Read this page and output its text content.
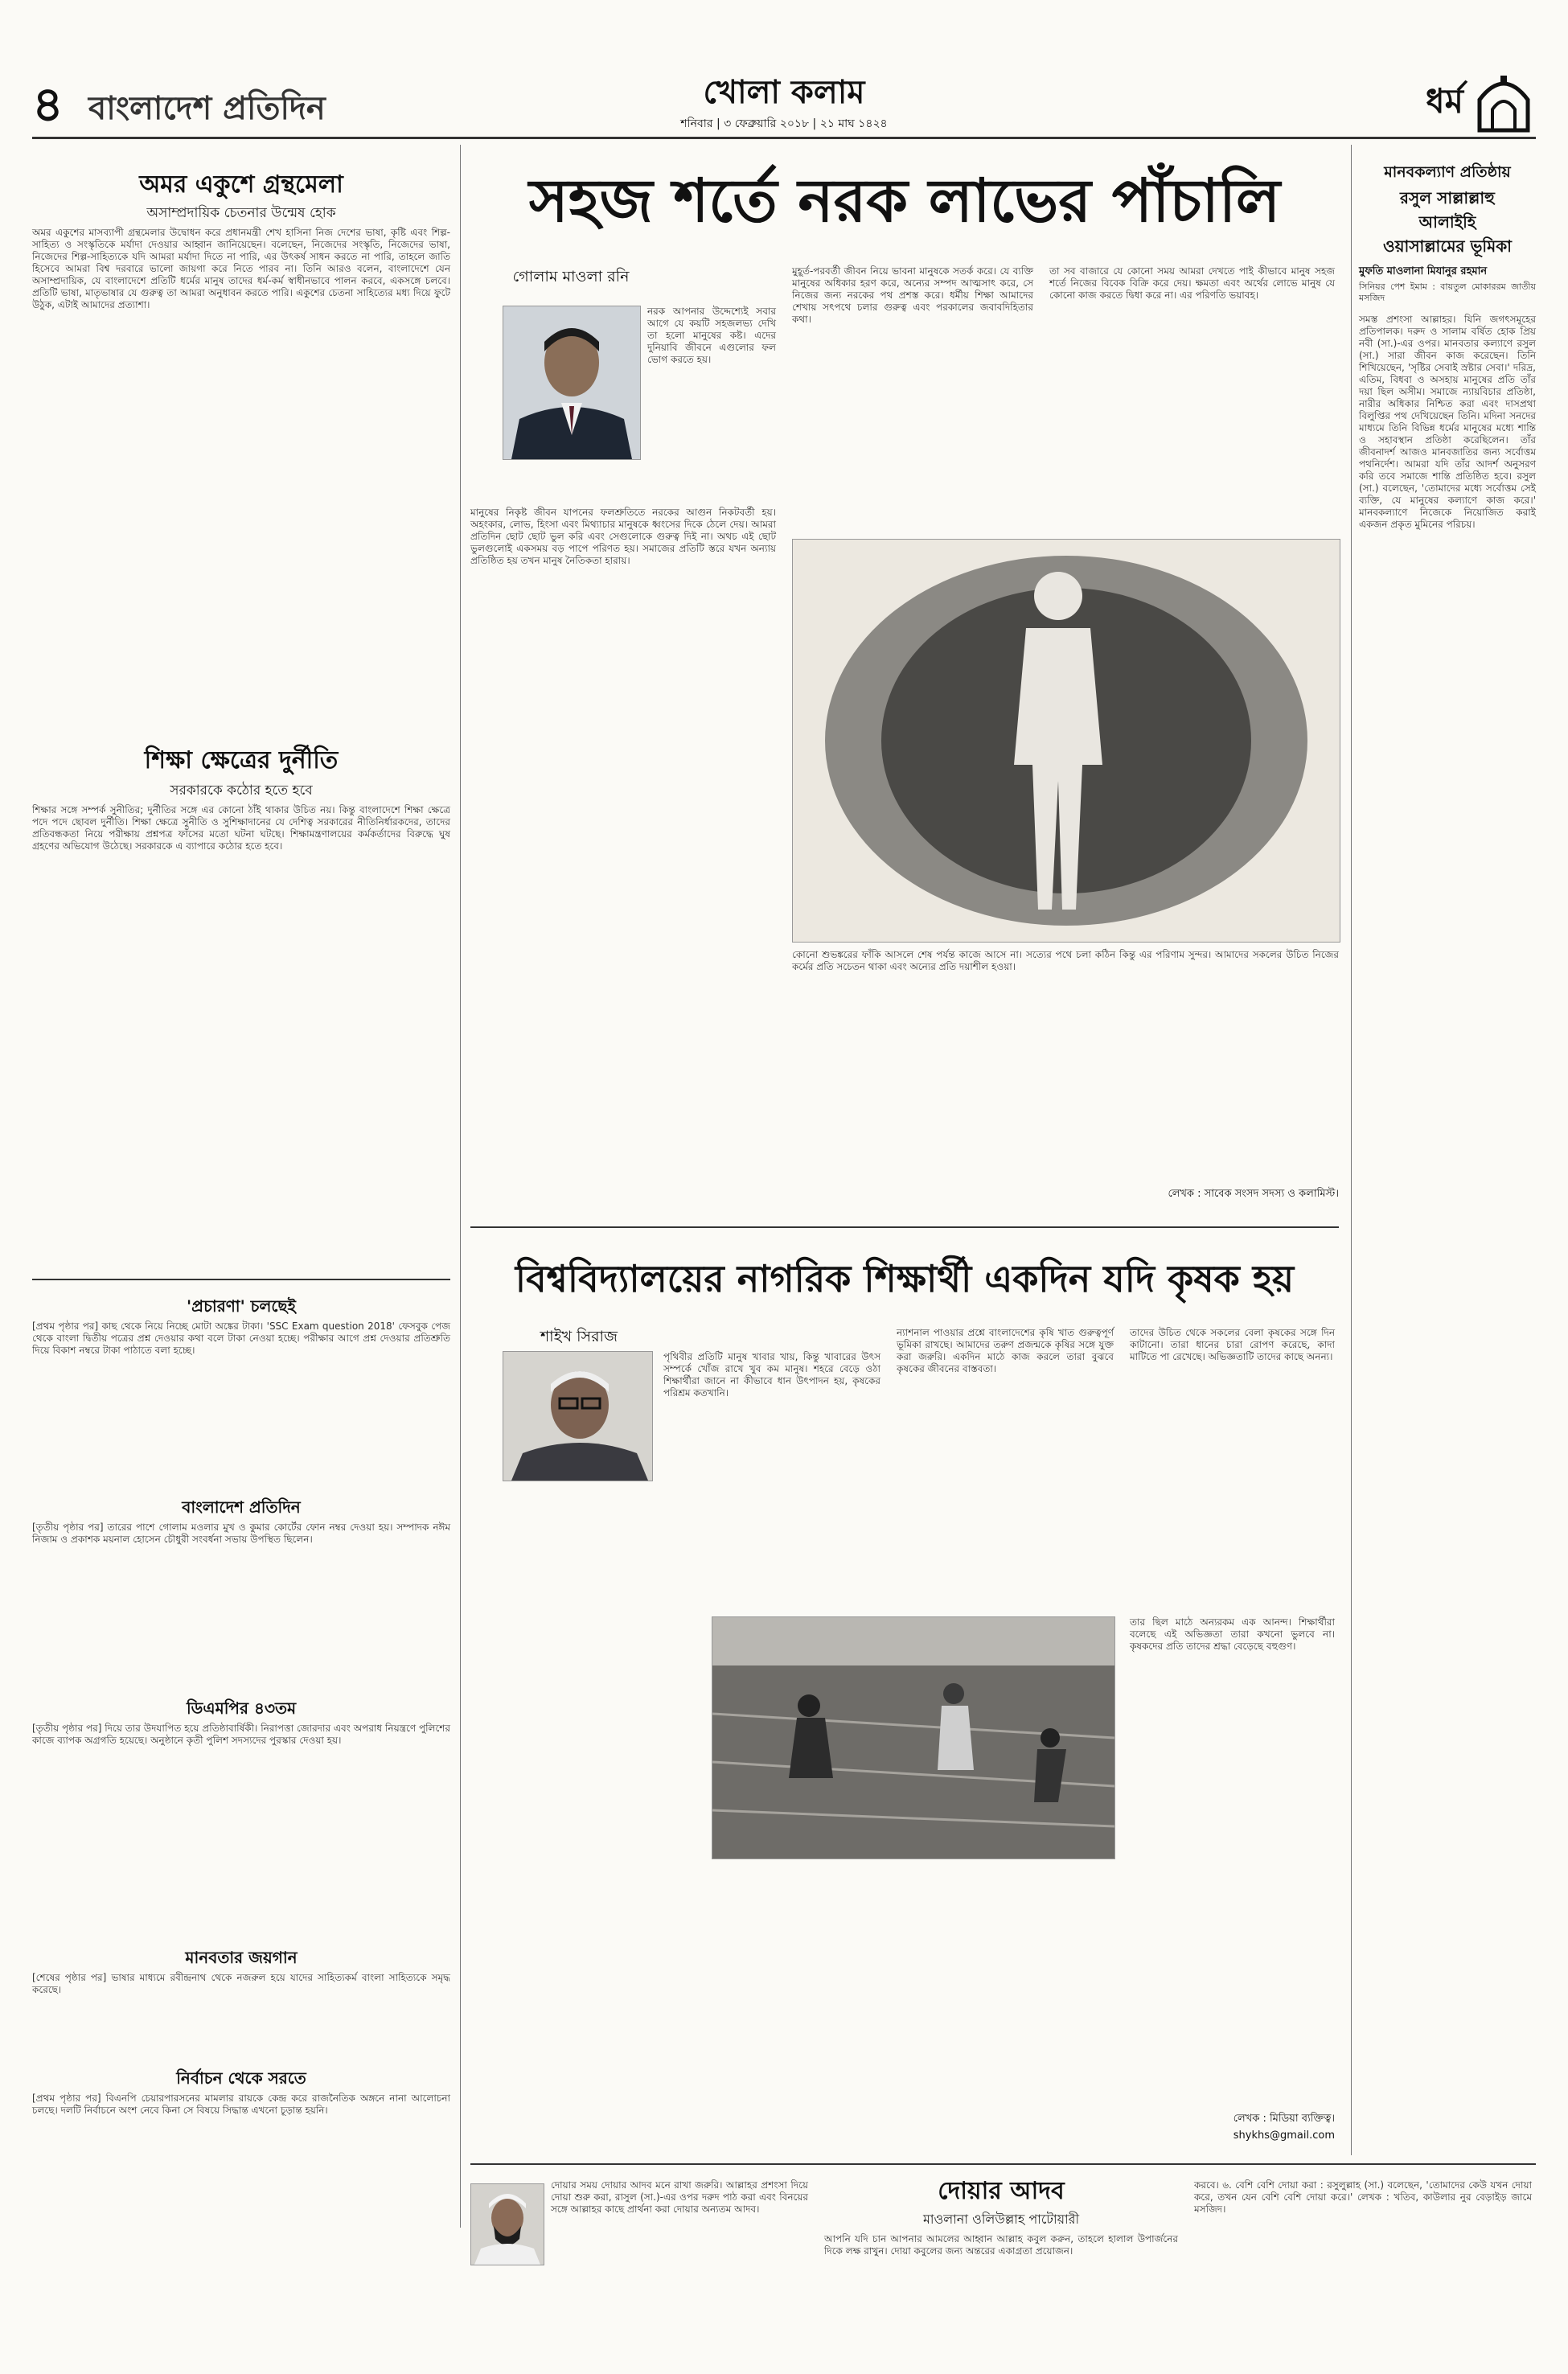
৪ বাংলাদেশ প্রতিদিন	খোলা কলাম
শনিবার | ৩ ফেব্রুয়ারি ২০১৮ | ২১ মাঘ ১৪২৪
ধর্ম
অমর একুশে গ্রন্থমেলা
অসাম্প্রদায়িক চেতনার উন্মেষ হোক
অমর একুশের মাসব্যাপী গ্রন্থমেলার উদ্বোধন করে প্রধানমন্ত্রী শেখ হাসিনা নিজ দেশের ভাষা, কৃষ্টি এবং শিল্প-সাহিত্য ও সংস্কৃতিকে মর্যাদা দেওয়ার আহ্বান জানিয়েছেন। বলেছেন, নিজেদের সংস্কৃতি, নিজেদের ভাষা, নিজেদের শিল্প-সাহিত্যকে যদি আমরা মর্যাদা দিতে না পারি, এর উৎকর্ষ সাধন করতে না পারি, তাহলে জাতি হিসেবে আমরা বিশ্ব দরবারে ভালো জায়গা করে নিতে পারব না। তিনি আরও বলেন, বাংলাদেশে যেন অসাম্প্রদায়িক, যে বাংলাদেশে প্রতিটি ধর্মের মানুষ তাদের ধর্ম-কর্ম স্বাধীনভাবে পালন করবে, একসঙ্গে চলবে। প্রতিটি ভাষা, মাতৃভাষার যে গুরুত্ব তা আমরা অনুধাবন করতে পারি। একুশের চেতনা সাহিত্যের মধ্য দিয়ে ফুটে উঠুক, এটাই আমাদের প্রত্যাশা।
শিক্ষা ক্ষেত্রের দুর্নীতি
সরকারকে কঠোর হতে হবে
শিক্ষার সঙ্গে সম্পর্ক সুনীতির; দুর্নীতির সঙ্গে এর কোনো ঠাঁই থাকার উচিত নয়। কিন্তু বাংলাদেশে শিক্ষা ক্ষেত্রে পদে পদে ছোবল দুর্নীতি। শিক্ষা ক্ষেত্রে সুনীতি ও সুশিক্ষাদানের যে দেশিত্ব সরকারের নীতিনির্ধারকদের, তাদের প্রতিবন্ধকতা নিয়ে পরীক্ষায় প্রশ্নপত্র ফাঁসের মতো ঘটনা ঘটছে। শিক্ষামন্ত্রণালয়ের কর্মকর্তাদের বিরুদ্ধে ঘুষ গ্রহণের অভিযোগ উঠেছে। সরকারকে এ ব্যাপারে কঠোর হতে হবে।
'প্রচারণা' চলছেই
[প্রথম পৃষ্ঠার পর] কাছ থেকে নিয়ে নিচ্ছে মোটা অঙ্কের টাকা। 'SSC Exam question 2018' ফেসবুক পেজ থেকে বাংলা দ্বিতীয় পত্রের প্রশ্ন দেওয়ার কথা বলে টাকা নেওয়া হচ্ছে। পরীক্ষার আগে প্রশ্ন দেওয়ার প্রতিশ্রুতি দিয়ে বিকাশ নম্বরে টাকা পাঠাতে বলা হচ্ছে।
বাংলাদেশ প্রতিদিন
[তৃতীয় পৃষ্ঠার পর] তারের পাশে গোলাম মওলার মুখ ও কুমার কোর্টের ফোন নম্বর দেওয়া হয়। সম্পাদক নঈম নিজাম ও প্রকাশক ময়নাল হোসেন চৌধুরী সংবর্ধনা সভায় উপস্থিত ছিলেন।
ডিএমপির ৪৩তম
[তৃতীয় পৃষ্ঠার পর] দিয়ে তার উদযাপিত হয়ে প্রতিষ্ঠাবার্ষিকী। নিরাপত্তা জোরদার এবং অপরাধ নিয়ন্ত্রণে পুলিশের কাজে ব্যাপক অগ্রগতি হয়েছে। অনুষ্ঠানে কৃতী পুলিশ সদস্যদের পুরস্কার দেওয়া হয়।
মানবতার জয়গান
[শেষের পৃষ্ঠার পর] ভাষার মাধ্যমে রবীন্দ্রনাথ থেকে নজরুল হয়ে যাদের সাহিত্যকর্ম বাংলা সাহিত্যকে সমৃদ্ধ করেছে।
নির্বাচন থেকে সরতে
[প্রথম পৃষ্ঠার পর] বিএনপি চেয়ারপারসনের মামলার রায়কে কেন্দ্র করে রাজনৈতিক অঙ্গনে নানা আলোচনা চলছে। দলটি নির্বাচনে অংশ নেবে কিনা সে বিষয়ে সিদ্ধান্ত এখনো চূড়ান্ত হয়নি।
সহজ শর্তে নরক লাভের পাঁচালি
গোলাম মাওলা রনি
নরক আপনার উদ্দেশ্যেই সবার আগে যে কয়টি সহজলভ্য দেখি তা হলো মানুষের কষ্ট। এদের দুনিয়াবি জীবনে এগুলোর ফল ভোগ করতে হয়।
মানুষের নিকৃষ্ট জীবন যাপনের ফলশ্রুতিতে নরকের আগুন নিকটবর্তী হয়। অহংকার, লোভ, হিংসা এবং মিথ্যাচার মানুষকে ধ্বংসের দিকে ঠেলে দেয়। আমরা প্রতিদিন ছোট ছোট ভুল করি এবং সেগুলোকে গুরুত্ব দিই না। অথচ এই ছোট ভুলগুলোই একসময় বড় পাপে পরিণত হয়। সমাজের প্রতিটি স্তরে যখন অন্যায় প্রতিষ্ঠিত হয় তখন মানুষ নৈতিকতা হারায়।
মুহূর্ত-পরবর্তী জীবন নিয়ে ভাবনা মানুষকে সতর্ক করে। যে ব্যক্তি মানুষের অধিকার হরণ করে, অন্যের সম্পদ আত্মসাৎ করে, সে নিজের জন্য নরকের পথ প্রশস্ত করে। ধর্মীয় শিক্ষা আমাদের শেখায় সৎপথে চলার গুরুত্ব এবং পরকালের জবাবদিহিতার কথা।
তা সব বাজারে যে কোনো সময় আমরা দেখতে পাই কীভাবে মানুষ সহজ শর্তে নিজের বিবেক বিক্রি করে দেয়। ক্ষমতা এবং অর্থের লোভে মানুষ যে কোনো কাজ করতে দ্বিধা করে না। এর পরিণতি ভয়াবহ।
কোনো শুভঙ্করের ফাঁকি আসলে শেষ পর্যন্ত কাজে আসে না। সত্যের পথে চলা কঠিন কিন্তু এর পরিণাম সুন্দর। আমাদের সকলের উচিত নিজের কর্মের প্রতি সচেতন থাকা এবং অন্যের প্রতি দয়াশীল হওয়া।
লেখক : সাবেক সংসদ সদস্য ও কলামিস্ট।
বিশ্ববিদ্যালয়ের নাগরিক শিক্ষার্থী একদিন যদি কৃষক হয়
শাইখ সিরাজ
পৃথিবীর প্রতিটি মানুষ খাবার খায়, কিন্তু খাবারের উৎস সম্পর্কে খোঁজ রাখে খুব কম মানুষ। শহরে বেড়ে ওঠা শিক্ষার্থীরা জানে না কীভাবে ধান উৎপাদন হয়, কৃষকের পরিশ্রম কতখানি।
ন্যাশনাল পাওয়ার প্রশ্নে বাংলাদেশের কৃষি খাত গুরুত্বপূর্ণ ভূমিকা রাখছে। আমাদের তরুণ প্রজন্মকে কৃষির সঙ্গে যুক্ত করা জরুরি। একদিন মাঠে কাজ করলে তারা বুঝবে কৃষকের জীবনের বাস্তবতা।
তাদের উচিত থেকে সকলের বেলা কৃষকের সঙ্গে দিন কাটানো। তারা ধানের চারা রোপণ করেছে, কাদা মাটিতে পা রেখেছে। অভিজ্ঞতাটি তাদের কাছে অনন্য।
তার ছিল মাঠে অন্যরকম এক আনন্দ। শিক্ষার্থীরা বলেছে এই অভিজ্ঞতা তারা কখনো ভুলবে না। কৃষকদের প্রতি তাদের শ্রদ্ধা বেড়েছে বহুগুণ।
লেখক : মিডিয়া ব্যক্তিত্ব।
shykhs@gmail.com
মানবকল্যাণ প্রতিষ্ঠায়
রসুল সাল্লাল্লাহু
আলাইহি
ওয়াসাল্লামের ভূমিকা
মুফতি মাওলানা মিযানুর রহমান
সিনিয়র পেশ ইমাম : বায়তুল মোকাররম জাতীয় মসজিদ
সমস্ত প্রশংসা আল্লাহর। যিনি জগৎসমূহের প্রতিপালক। দরুদ ও সালাম বর্ষিত হোক প্রিয় নবী (সা.)-এর ওপর। মানবতার কল্যাণে রসুল (সা.) সারা জীবন কাজ করেছেন। তিনি শিখিয়েছেন, 'সৃষ্টির সেবাই স্রষ্টার সেবা।' দরিদ্র, এতিম, বিধবা ও অসহায় মানুষের প্রতি তাঁর দয়া ছিল অসীম। সমাজে ন্যায়বিচার প্রতিষ্ঠা, নারীর অধিকার নিশ্চিত করা এবং দাসপ্রথা বিলুপ্তির পথ দেখিয়েছেন তিনি। মদিনা সনদের মাধ্যমে তিনি বিভিন্ন ধর্মের মানুষের মধ্যে শান্তি ও সহাবস্থান প্রতিষ্ঠা করেছিলেন। তাঁর জীবনাদর্শ আজও মানবজাতির জন্য সর্বোত্তম পথনির্দেশ। আমরা যদি তাঁর আদর্শ অনুসরণ করি তবে সমাজে শান্তি প্রতিষ্ঠিত হবে। রসুল (সা.) বলেছেন, 'তোমাদের মধ্যে সর্বোত্তম সেই ব্যক্তি, যে মানুষের কল্যাণে কাজ করে।' মানবকল্যাণে নিজেকে নিয়োজিত করাই একজন প্রকৃত মুমিনের পরিচয়।
দোয়ার সময় দোয়ার আদব মনে রাখা জরুরি। আল্লাহর প্রশংসা দিয়ে দোয়া শুরু করা, রাসুল (সা.)-এর ওপর দরুদ পাঠ করা এবং বিনয়ের সঙ্গে আল্লাহর কাছে প্রার্থনা করা দোয়ার অন্যতম আদব।
দোয়ার আদব
মাওলানা ওলিউল্লাহ পাটোয়ারী
আপনি যদি চান আপনার আমলের আহ্বান আল্লাহ কবুল করুন, তাহলে হালাল উপার্জনের দিকে লক্ষ রাখুন। দোয়া কবুলের জন্য অন্তরের একাগ্রতা প্রয়োজন।
করবে। ৬. বেশি বেশি দোয়া করা : রসুলুল্লাহ (সা.) বলেছেন, 'তোমাদের কেউ যখন দোয়া করে, তখন যেন বেশি বেশি দোয়া করে।' লেখক : খতিব, কাউলার নুর বেড়াইড় জামে মসজিদ।
